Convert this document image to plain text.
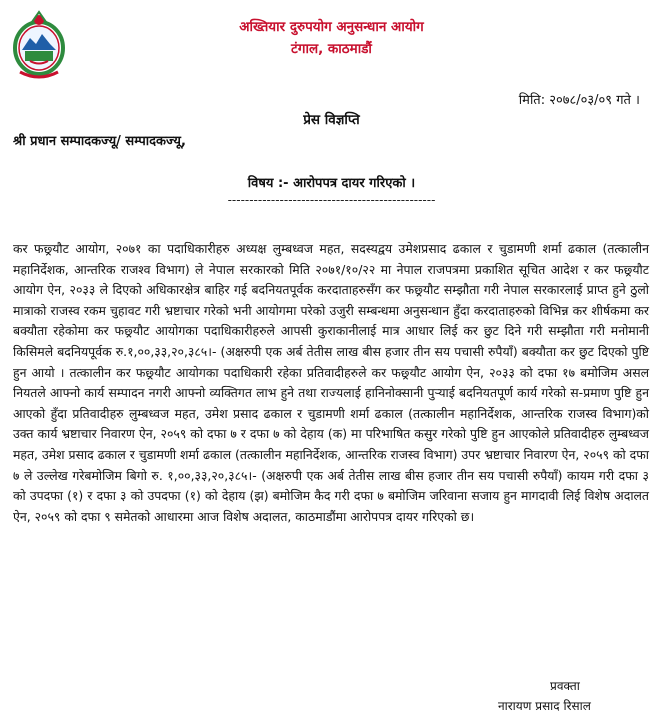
अख्तियार दुरुपयोग अनुसन्धान आयोग
टंगाल, काठमाडौं
मिति: २०७८/०३/०९ गते ।
प्रेस विज्ञप्ति
श्री प्रधान सम्पादकज्यू/ सम्पादकज्यू,
विषय :- आरोपपत्र दायर गरिएको ।
------------------------------------------------

कर फछ्र्यौट आयोग, २०७१ का पदाधिकारीहरु अध्यक्ष लुम्बध्वज महत, सदस्यद्वय उमेशप्रसाद ढकाल र चुडामणी शर्मा ढकाल (तत्कालीन महानिर्देशक, आन्तरिक राजश्व विभाग) ले नेपाल सरकारको मिति २०७१/१०/२२ मा नेपाल राजपत्रमा प्रकाशित सूचित आदेश र कर फछ्र्यौट आयोग ऐन, २०३३ ले दिएको अधिकारक्षेत्र बाहिर गई बदनियतपूर्वक करदाताहरुसँग कर फछ्र्यौट सम्झौता गरी नेपाल सरकारलाई प्राप्त हुने ठुलो मात्राको राजस्व रकम चुहावट गरी भ्रष्टाचार गरेको भनी आयोगमा परेको उजुरी सम्बन्धमा अनुसन्धान हुँदा करदाताहरुको विभिन्न कर शीर्षकमा कर बक्यौता रहेकोमा कर फछ्र्यौट आयोगका पदाधिकारीहरुले आपसी कुराकानीलाई मात्र आधार लिई कर छुट दिने गरी सम्झौता गरी मनोमानी किसिमले बदनियपूर्वक रु.१,००,३३,२०,३८५।- (अक्षरुपी एक अर्ब तेतीस लाख बीस हजार तीन सय पचासी रुपैयाँ) बक्यौता कर छुट दिएको पुष्टि हुन आयो । तत्कालीन कर फछ्र्यौट आयोगका पदाधिकारी रहेका प्रतिवादीहरुले कर फछ्र्यौट आयोग ऐन, २०३३ को दफा १७ बमोजिम असल नियतले आफ्नो कार्य सम्पादन नगरी आफ्नो व्यक्तिगत लाभ हुने तथा राज्यलाई हानिनोक्सानी पुऱ्याई बदनियतपूर्ण कार्य गरेको स-प्रमाण पुष्टि हुन आएको हुँदा प्रतिवादीहरु लुम्बध्वज महत, उमेश प्रसाद ढकाल र चुडामणी शर्मा ढकाल (तत्कालीन महानिर्देशक, आन्तरिक राजस्व विभाग)को उक्त कार्य भ्रष्टाचार निवारण ऐन, २०५९ को दफा ७ र दफा ७ को देहाय (क) मा परिभाषित कसुर गरेको पुष्टि हुन आएकोले प्रतिवादीहरु लुम्बध्वज महत, उमेश प्रसाद ढकाल र चुडामणी शर्मा ढकाल (तत्कालीन महानिर्देशक, आन्तरिक राजस्व विभाग) उपर भ्रष्टाचार निवारण ऐन, २०५९ को दफा ७ ले उल्लेख गरेबमोजिम बिगो रु. १,००,३३,२०,३८५।- (अक्षरुपी एक अर्ब तेतीस लाख बीस हजार तीन सय पचासी रुपैयाँ) कायम गरी दफा ३ को उपदफा (१) र दफा ३ को उपदफा (१) को देहाय (झ) बमोजिम कैद गरी दफा ७ बमोजिम जरिवाना सजाय हुन मागदावी लिई विशेष अदालत ऐन, २०५९ को दफा ९ समेतको आधारमा आज विशेष अदालत, काठमाडौंमा आरोपपत्र दायर गरिएको छ।

प्रवक्ता
नारायण प्रसाद रिसाल
